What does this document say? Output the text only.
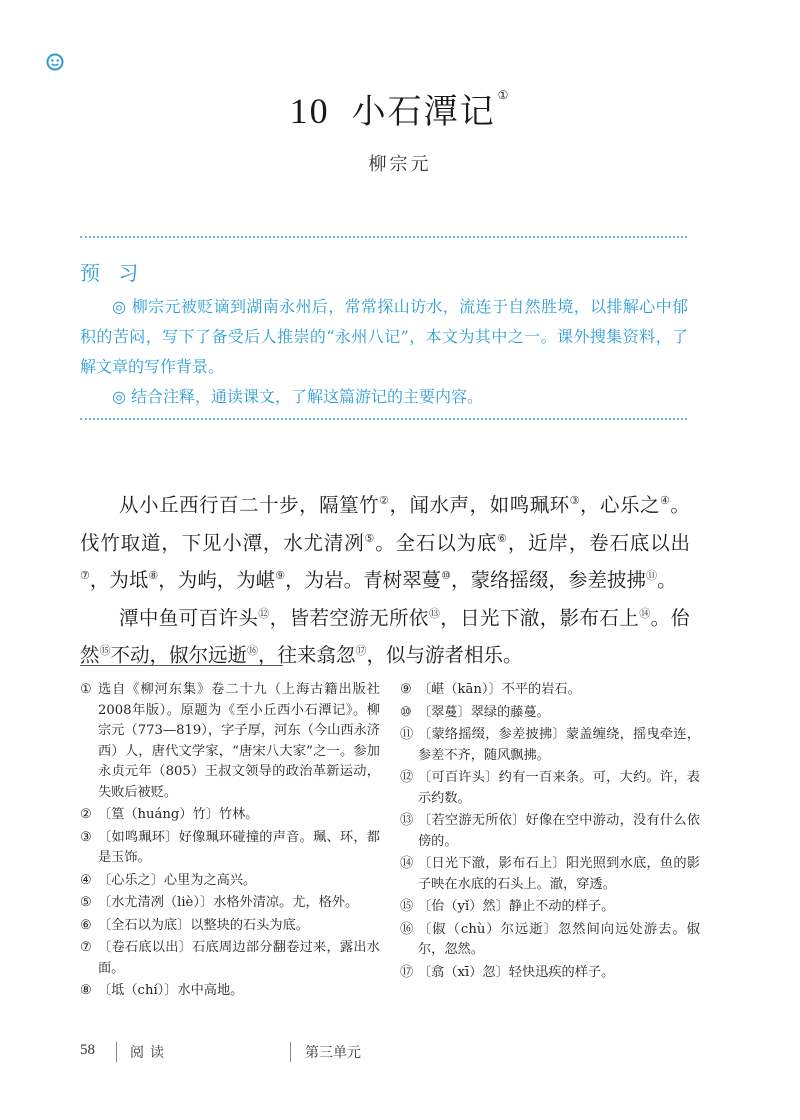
10 小石潭记 ①
柳宗元
预 习

◎ 柳宗元被贬谪到湖南永州后，常常探山访水，流连于自然胜境，以排解心中郁积的苦闷，写下了备受后人推崇的“永州八记”，本文为其中之一。课外搜集资料，了解文章的写作背景。

◎ 结合注释，通读课文，了解这篇游记的主要内容。

从小丘西行百二十步，隔篁竹②，闻水声，如鸣珮环③，心乐之④。伐竹取道，下见小潭，水尤清冽⑤。全石以为底⑥，近岸，卷石底以出⑦，为坻⑧，为屿，为嵁⑨，为岩。青树翠蔓⑩，蒙络摇缀，参差披拂⑪。

潭中鱼可百许头⑫，皆若空游无所依⑬，日光下澈，影布石上⑭。佁然⑮不动，俶尔远逝⑯，往来翕忽⑰，似与游者相乐。

① 选自《柳河东集》卷二十九（上海古籍出版社2008年版）。原题为《至小丘西小石潭记》。柳宗元（773—819），字子厚，河东（今山西永济西）人，唐代文学家，“唐宋八大家”之一。参加永贞元年（805）王叔文领导的政治革新运动，失败后被贬。
② 〔篁（huáng）竹〕竹林。
③ 〔如鸣珮环〕好像珮环碰撞的声音。珮、环，都是玉饰。
④ 〔心乐之〕心里为之高兴。
⑤ 〔水尤清冽（liè）〕水格外清凉。尤，格外。
⑥ 〔全石以为底〕以整块的石头为底。
⑦ 〔卷石底以出〕石底周边部分翻卷过来，露出水面。
⑧ 〔坻（chí）〕水中高地。
⑨ 〔嵁（kān）〕不平的岩石。
⑩ 〔翠蔓〕翠绿的藤蔓。
⑪ 〔蒙络摇缀，参差披拂〕蒙盖缠绕，摇曳牵连，参差不齐，随风飘拂。
⑫ 〔可百许头〕约有一百来条。可，大约。许，表示约数。
⑬ 〔若空游无所依〕好像在空中游动，没有什么依傍的。
⑭ 〔日光下澈，影布石上〕阳光照到水底，鱼的影子映在水底的石头上。澈，穿透。
⑮ 〔佁（yǐ）然〕静止不动的样子。
⑯ 〔俶（chù）尔远逝〕忽然间向远处游去。俶尔，忽然。
⑰ 〔翕（xī）忽〕轻快迅疾的样子。
58	阅读	第三单元
